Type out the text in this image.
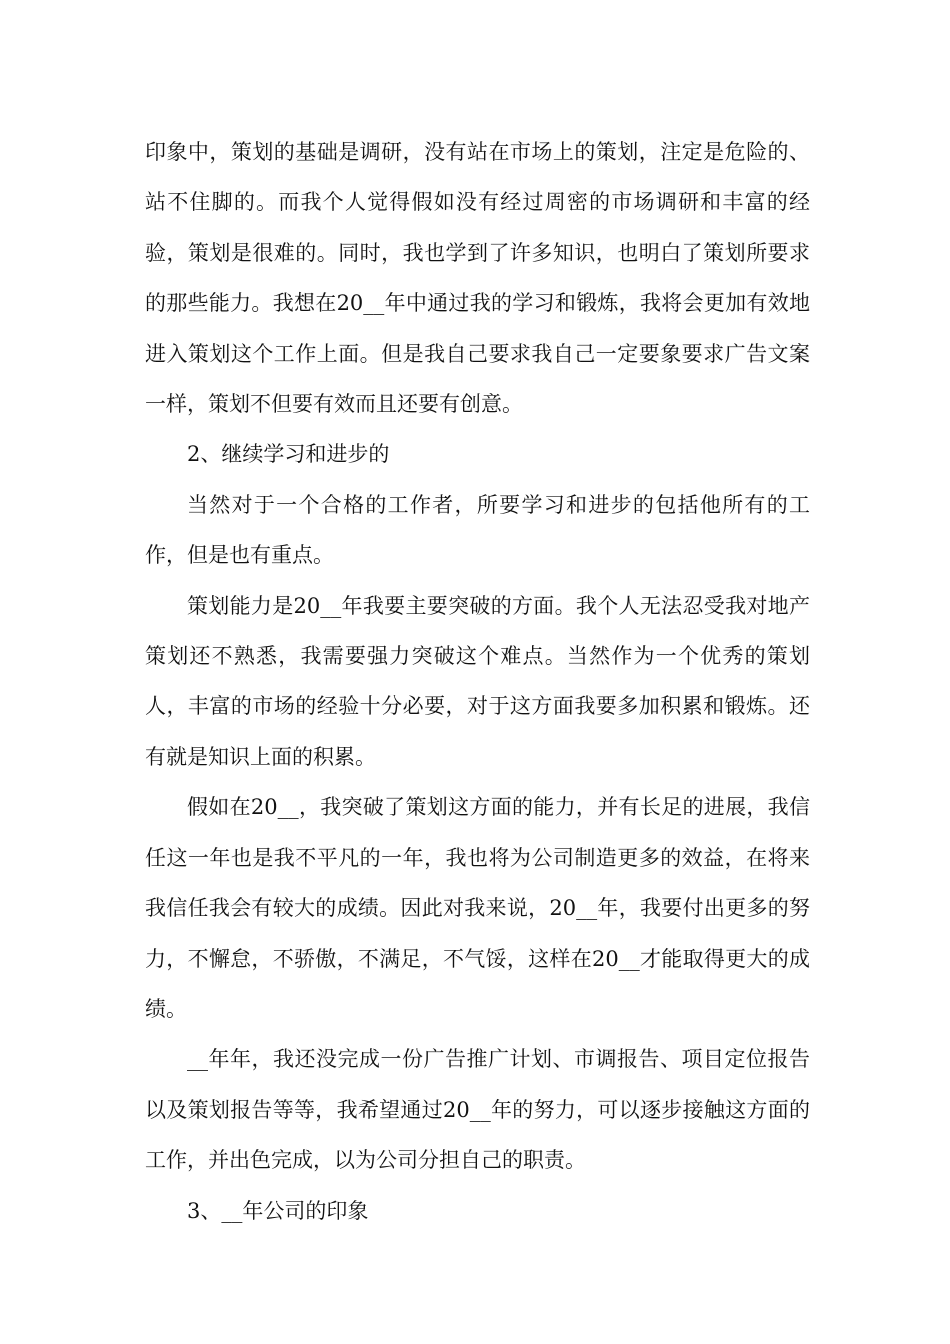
印象中，策划的基础是调研，没有站在市场上的策划，注定是危险的、站不住脚的。而我个人觉得假如没有经过周密的市场调研和丰富的经验，策划是很难的。同时，我也学到了许多知识，也明白了策划所要求的那些能力。我想在20__年中通过我的学习和锻炼，我将会更加有效地进入策划这个工作上面。但是我自己要求我自己一定要象要求广告文案一样，策划不但要有效而且还要有创意。

2、继续学习和进步的

当然对于一个合格的工作者，所要学习和进步的包括他所有的工作，但是也有重点。

策划能力是20__年我要主要突破的方面。我个人无法忍受我对地产策划还不熟悉，我需要强力突破这个难点。当然作为一个优秀的策划人，丰富的市场的经验十分必要，对于这方面我要多加积累和锻炼。还有就是知识上面的积累。

假如在20__，我突破了策划这方面的能力，并有长足的进展，我信任这一年也是我不平凡的一年，我也将为公司制造更多的效益，在将来我信任我会有较大的成绩。因此对我来说，20__年，我要付出更多的努力，不懈怠，不骄傲，不满足，不气馁，这样在20__才能取得更大的成绩。

__年年，我还没完成一份广告推广计划、市调报告、项目定位报告以及策划报告等等，我希望通过20__年的努力，可以逐步接触这方面的工作，并出色完成，以为公司分担自己的职责。

3、__年公司的印象
